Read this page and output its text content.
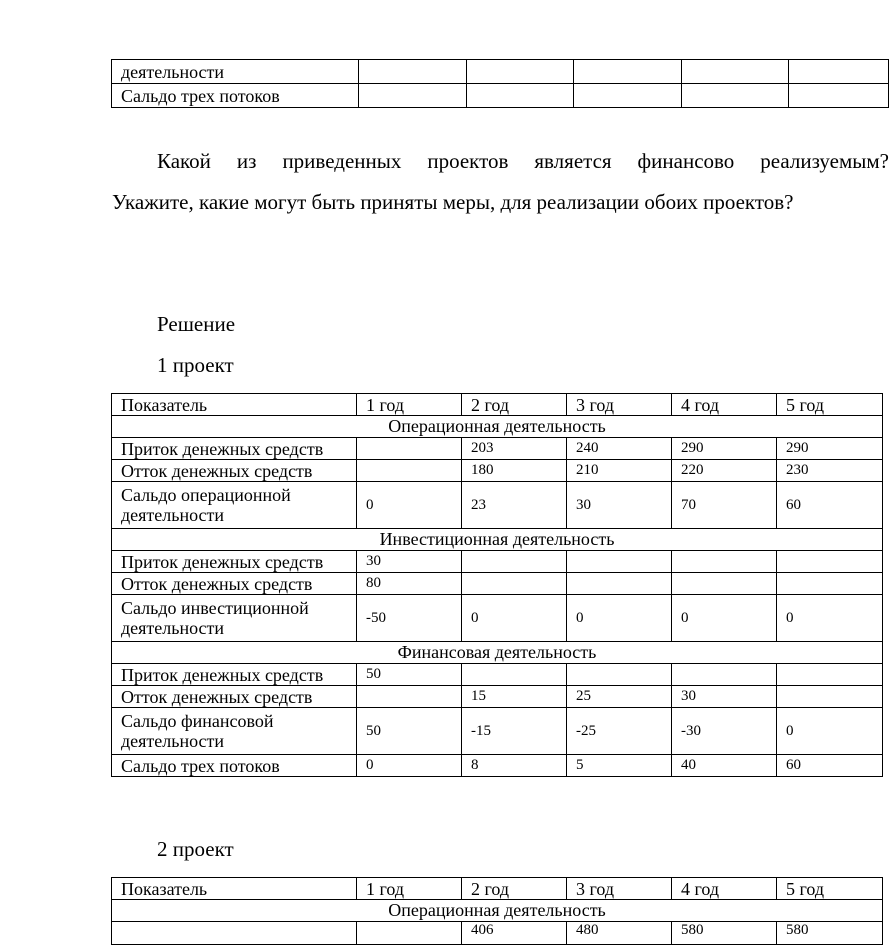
деятельности					
Сальдо трех потоков					

Какой из приведенных проектов является финансово реализуемым?

Укажите, какие могут быть приняты меры, для реализации обоих проектов?

Решение

1 проект

Показатель	1 год	2 год	3 год	4 год	5 год
Операционная деятельность					
Приток денежных средств		203	240	290	290
Отток денежных средств		180	210	220	230
Сальдо операционной деятельности	0	23	30	70	60
Инвестиционная деятельность					
Приток денежных средств	30				
Отток денежных средств	80				
Сальдо инвестиционной деятельности	-50	0	0	0	0
Финансовая деятельность					
Приток денежных средств	50				
Отток денежных средств		15	25	30	
Сальдо финансовой деятельности	50	-15	-25	-30	0
Сальдо трех потоков	0	8	5	40	60

2 проект

Показатель	1 год	2 год	3 год	4 год	5 год
Операционная деятельность					
		406	480	580	580
